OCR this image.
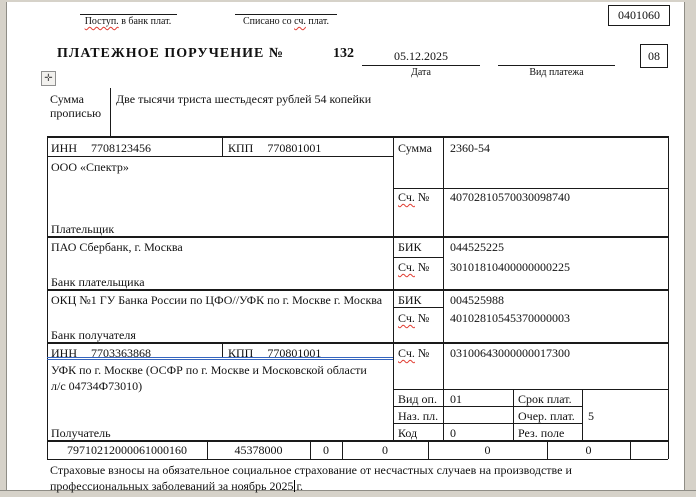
Поступ. в банк плат.	Списано со сч. плат.	0401060
ПЛАТЕЖНОЕ ПОРУЧЕНИЕ №	132	05.12.2025
Дата	Вид платежа
08
✛
Сумма
прописью
Две тысячи триста шестьдесят рублей 54 копейки
ИНН 7708123456	КПП 770801001
ООО «Спектр»
Плательщик
Сумма 2360-54
Сч. № 40702810570030098740
ПАО Сбербанк, г. Москва	БИК 044525225
Сч. № 30101810400000000225
Банк плательщика
ОКЦ №1 ГУ Банка России по ЦФО//УФК по г. Москве г. Москва БИК 004525988
Сч. № 40102810545370000003
Банк получателя
ИНН 7703363868	КПП 770801001
УФК по г. Москве (ОСФР по г. Москве и Московской области
л/с 04734Ф73010)
Получатель
Сч. № 03100643000000017300
Вид оп. 01	Срок плат.
Наз. пл.	Очер. плат. 5
Код	0	Рез. поле
79710212000061000160	45378000	0	0	0	0
Страховые взносы на обязательное социальное страхование от несчастных случаев на производстве и
профессиональных заболеваний за ноябрь 2025 г.
